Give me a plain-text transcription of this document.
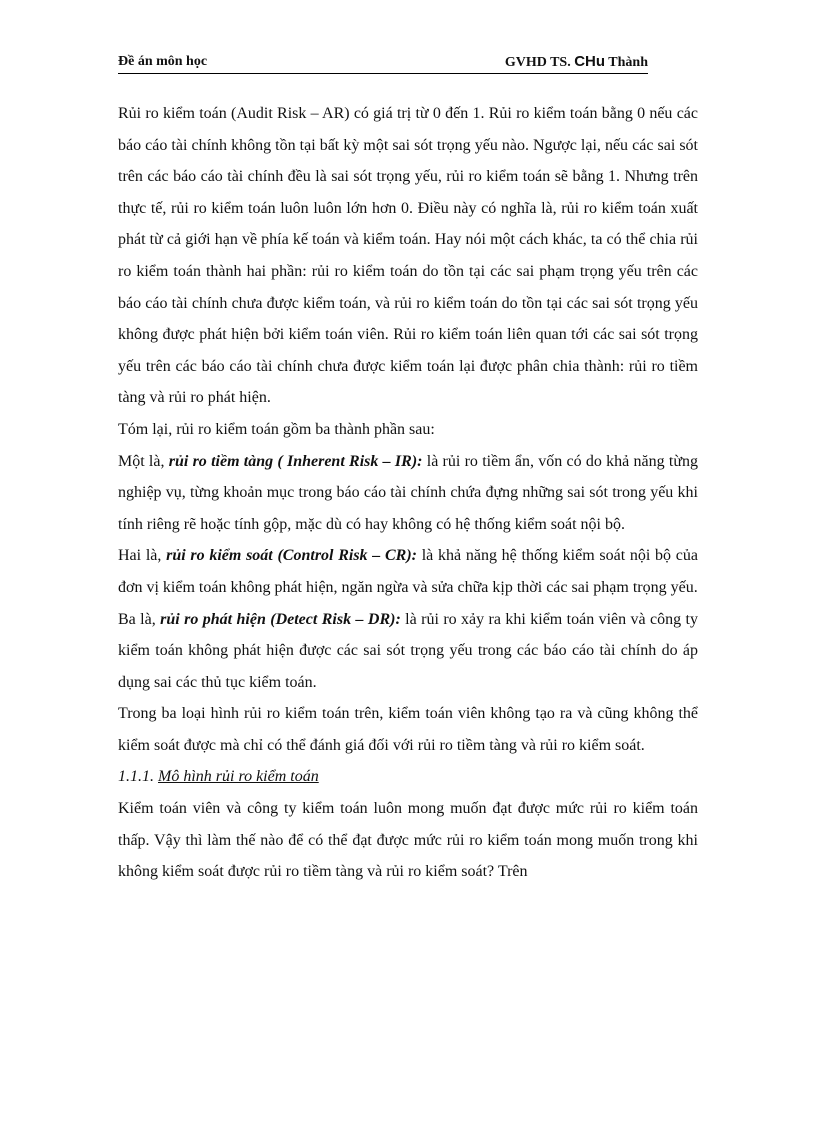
Đề án môn học	GVHD TS. CHu Thành

Rủi ro kiểm toán (Audit Risk – AR) có giá trị từ 0 đến 1. Rủi ro kiểm toán bằng 0 nếu các báo cáo tài chính không tồn tại bất kỳ một sai sót trọng yếu nào. Ngược lại, nếu các sai sót trên các báo cáo tài chính đều là sai sót trọng yếu, rủi ro kiểm toán sẽ bằng 1. Nhưng trên thực tế, rủi ro kiểm toán luôn luôn lớn hơn 0. Điều này có nghĩa là, rủi ro kiểm toán xuất phát từ cả giới hạn về phía kế toán và kiểm toán. Hay nói một cách khác, ta có thể chia rủi ro kiểm toán thành hai phần: rủi ro kiểm toán do tồn tại các sai phạm trọng yếu trên các báo cáo tài chính chưa được kiểm toán, và rủi ro kiểm toán do tồn tại các sai sót trọng yếu không được phát hiện bởi kiểm toán viên. Rủi ro kiểm toán liên quan tới các sai sót trọng yếu trên các báo cáo tài chính chưa được kiểm toán lại được phân chia thành: rủi ro tiềm tàng và rủi ro phát hiện.

Tóm lại, rủi ro kiểm toán gồm ba thành phần sau:

Một là, rủi ro tiềm tàng ( Inherent Risk – IR): là rủi ro tiềm ẩn, vốn có do khả năng từng nghiệp vụ, từng khoản mục trong báo cáo tài chính chứa đựng những sai sót trong yếu khi tính riêng rẽ hoặc tính gộp, mặc dù có hay không có hệ thống kiểm soát nội bộ.

Hai là, rủi ro kiểm soát (Control Risk – CR): là khả năng hệ thống kiểm soát nội bộ của đơn vị kiểm toán không phát hiện, ngăn ngừa và sửa chữa kịp thời các sai phạm trọng yếu.

Ba là, rủi ro phát hiện (Detect Risk – DR): là rủi ro xảy ra khi kiểm toán viên và công ty kiểm toán không phát hiện được các sai sót trọng yếu trong các báo cáo tài chính do áp dụng sai các thủ tục kiểm toán.

Trong ba loại hình rủi ro kiểm toán trên, kiểm toán viên không tạo ra và cũng không thể kiểm soát được mà chỉ có thể đánh giá đối với rủi ro tiềm tàng và rủi ro kiểm soát.

1.1.1. Mô hình rủi ro kiểm toán

Kiểm toán viên và công ty kiểm toán luôn mong muốn đạt được mức rủi ro kiểm toán thấp. Vậy thì làm thế nào để có thể đạt được mức rủi ro kiểm toán mong muốn trong khi không kiểm soát được rủi ro tiềm tàng và rủi ro kiểm soát? Trên
